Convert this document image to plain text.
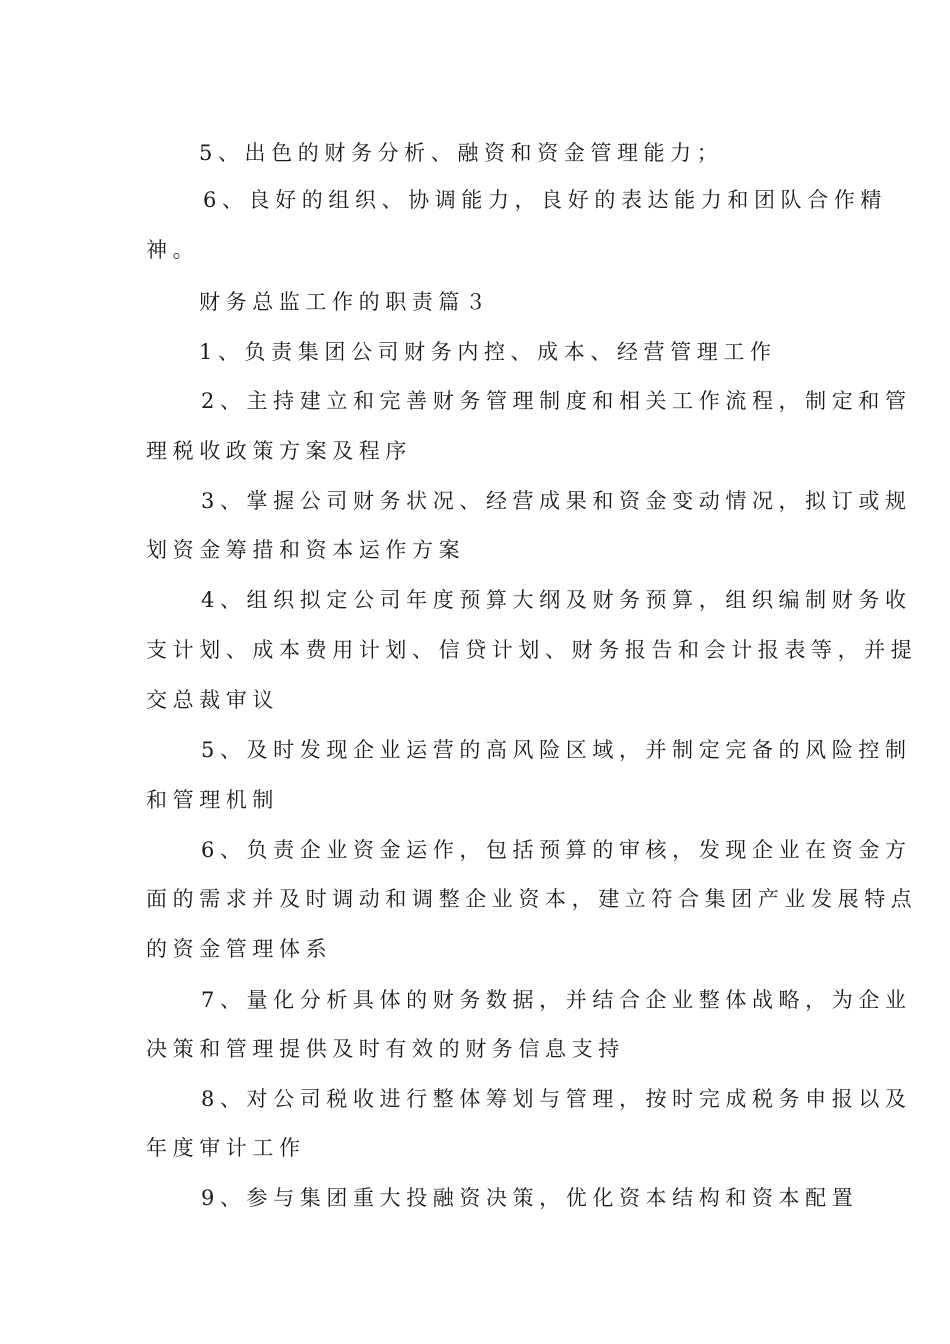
5、出色的财务分析、融资和资金管理能力；
6、良好的组织、协调能力，良好的表达能力和团队合作精
神。
财务总监工作的职责篇３
1、负责集团公司财务内控、成本、经营管理工作
2、主持建立和完善财务管理制度和相关工作流程，制定和管
理税收政策方案及程序
3、掌握公司财务状况、经营成果和资金变动情况，拟订或规
划资金筹措和资本运作方案
4、组织拟定公司年度预算大纲及财务预算，组织编制财务收
支计划、成本费用计划、信贷计划、财务报告和会计报表等，并提
交总裁审议
5、及时发现企业运营的高风险区域，并制定完备的风险控制
和管理机制
6、负责企业资金运作，包括预算的审核，发现企业在资金方
面的需求并及时调动和调整企业资本，建立符合集团产业发展特点
的资金管理体系
7、量化分析具体的财务数据，并结合企业整体战略，为企业
决策和管理提供及时有效的财务信息支持
8、对公司税收进行整体筹划与管理，按时完成税务申报以及
年度审计工作
9、参与集团重大投融资决策，优化资本结构和资本配置
